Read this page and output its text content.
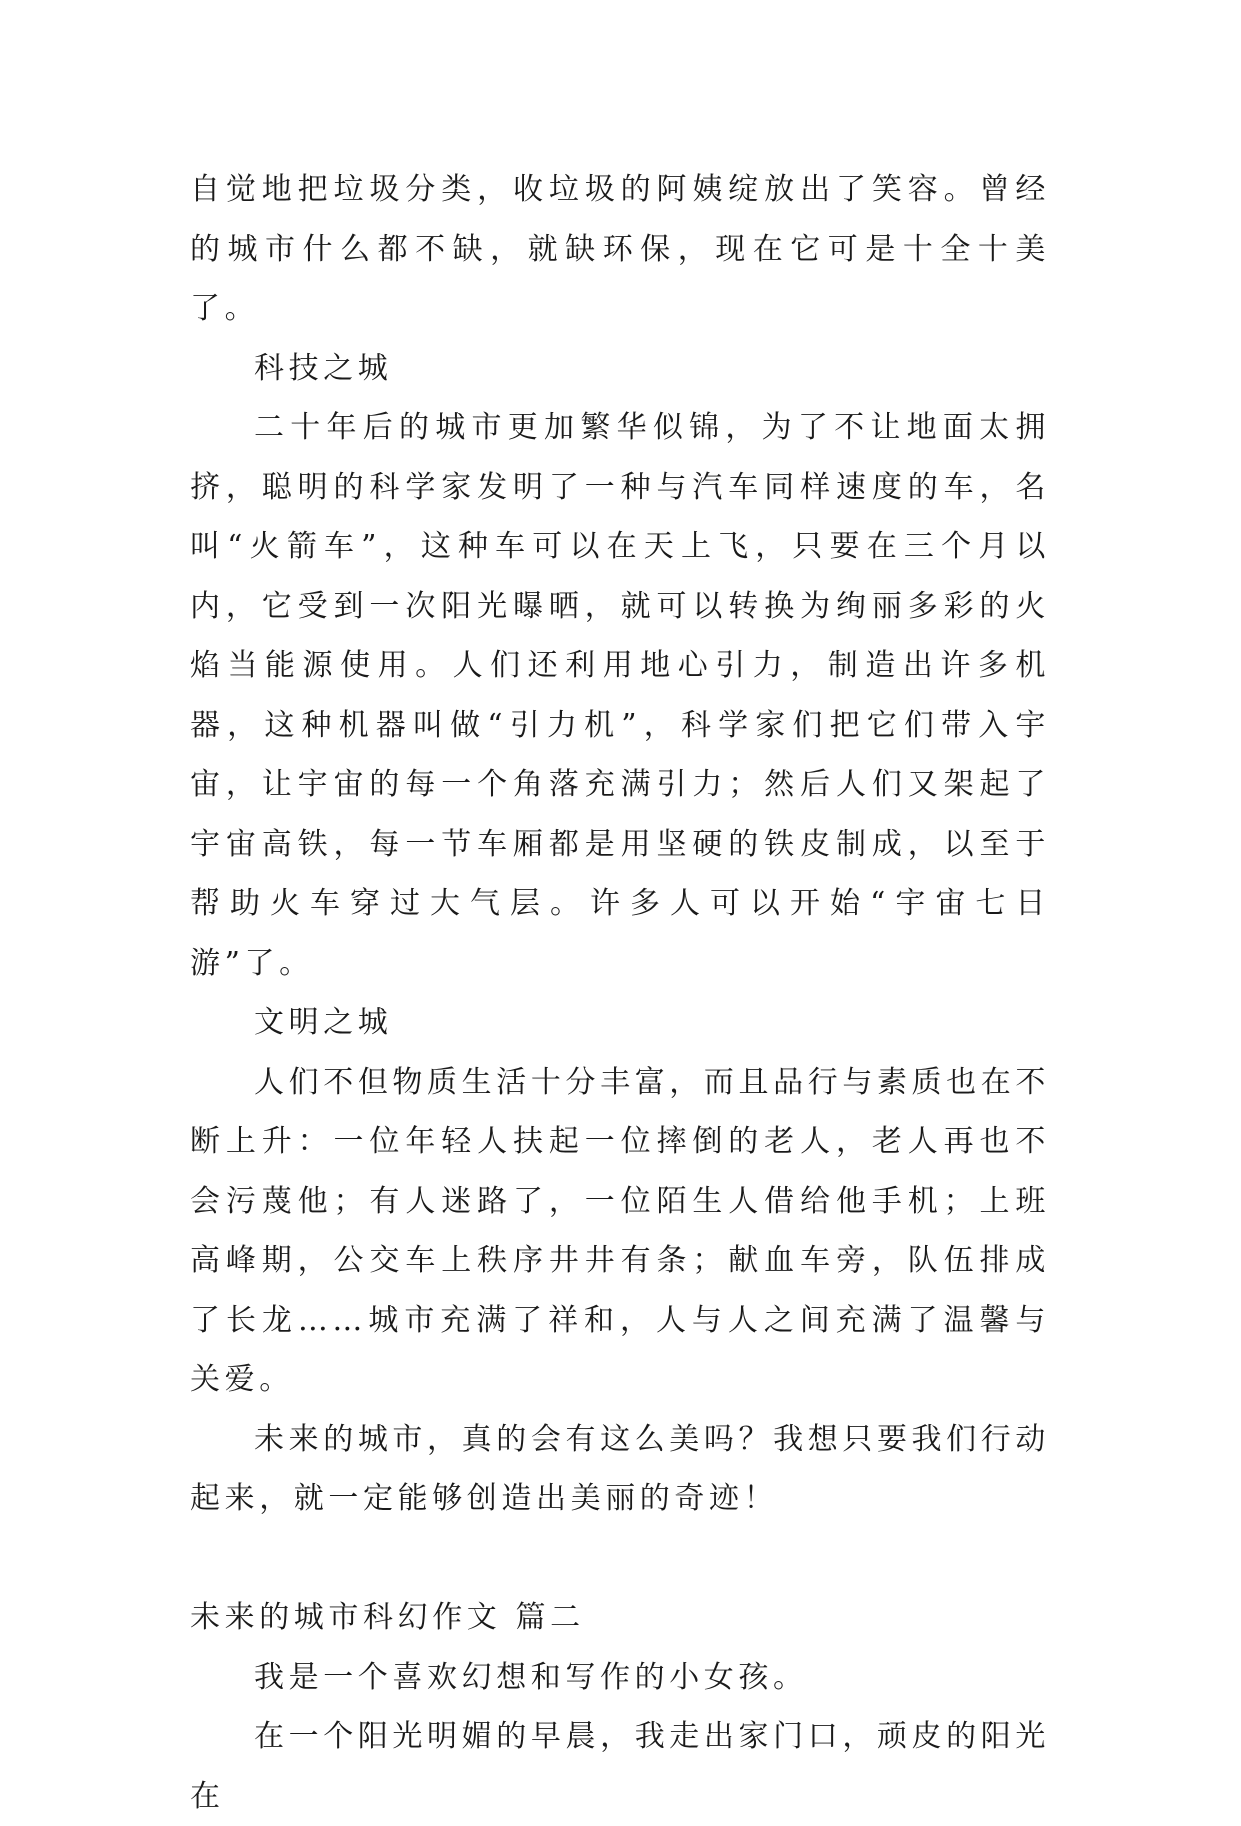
自觉地把垃圾分类，收垃圾的阿姨绽放出了笑容。曾经的城市什么都不缺，就缺环保，现在它可是十全十美了。

科技之城

二十年后的城市更加繁华似锦，为了不让地面太拥挤，聪明的科学家发明了一种与汽车同样速度的车，名叫“火箭车”，这种车可以在天上飞，只要在三个月以内，它受到一次阳光曝晒，就可以转换为绚丽多彩的火焰当能源使用。人们还利用地心引力，制造出许多机器，这种机器叫做“引力机”，科学家们把它们带入宇宙，让宇宙的每一个角落充满引力；然后人们又架起了宇宙高铁，每一节车厢都是用坚硬的铁皮制成，以至于帮助火车穿过大气层。许多人可以开始“宇宙七日游”了。

文明之城

人们不但物质生活十分丰富，而且品行与素质也在不断上升：一位年轻人扶起一位摔倒的老人，老人再也不会污蔑他；有人迷路了，一位陌生人借给他手机；上班高峰期，公交车上秩序井井有条；献血车旁，队伍排成了长龙……城市充满了祥和，人与人之间充满了温馨与关爱。

未来的城市，真的会有这么美吗？我想只要我们行动起来，就一定能够创造出美丽的奇迹！

未来的城市科幻作文 篇二

我是一个喜欢幻想和写作的小女孩。

在一个阳光明媚的早晨，我走出家门口，顽皮的阳光在
